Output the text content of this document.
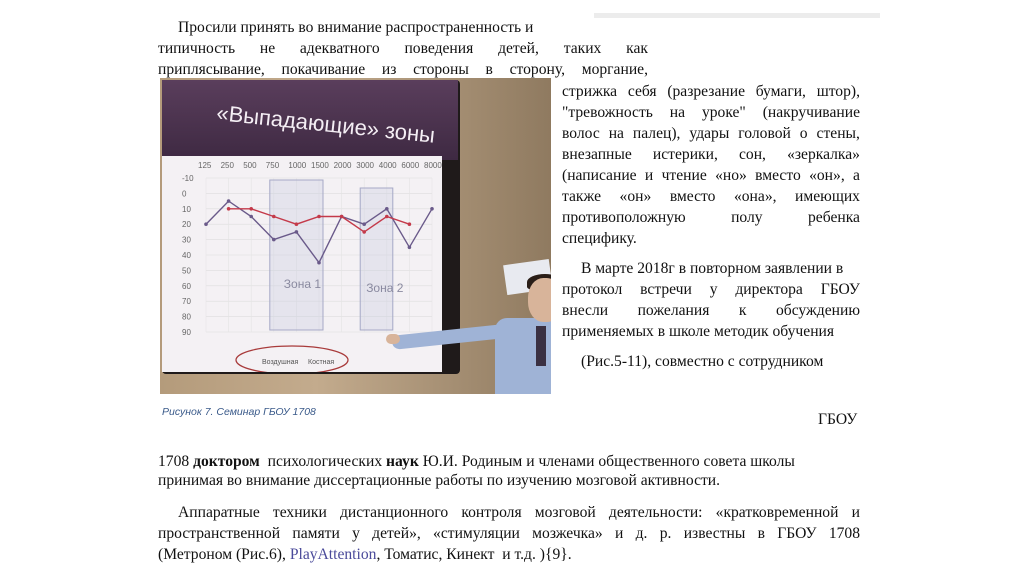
Просили принять во внимание распространенность и
типичность не адекватного поведения детей, таких как
приплясывание, покачивание из стороны в сторону, моргание,
стрижка себя (разрезание бумаги, штор),
"тревожность на уроке" (накручивание
волос на палец), удары головой о стены,
внезапные истерики, сон, «зеркалка»
(написание и чтение «но» вместо «он», а
также «он» вместо «она», имеющих
противоположную	полу	ребенка
специфику.
В марте 2018г в повторном заявлении в
протокол встречи у директора ГБОУ
внесли пожелания к обсуждению
применяемых в школе методик обучения
(Рис.5-11), совместно с сотрудником
ГБОУ
«Выпадающие» зоны
-10
0
10
20
30
40
50
60
70
80
90
125 250 500 750 1000 1500 2000 3000 4000 6000 8000
Зона 1	Зона 2
Воздушная Костная
Рисунок 7. Семинар ГБОУ 1708
1708 доктором  психологических наук Ю.И. Родиным и членами общественного совета школы
принимая во внимание диссертационные работы по изучению мозговой активности.
Аппаратные техники дистанционного контроля мозговой деятельности: «кратковременной и
пространственной памяти у детей», «стимуляции мозжечка» и д. р. известны в ГБОУ 1708
(Метроном (Рис.6), PlayAttention, Томатис, Кинект  и т.д. ){9}.
